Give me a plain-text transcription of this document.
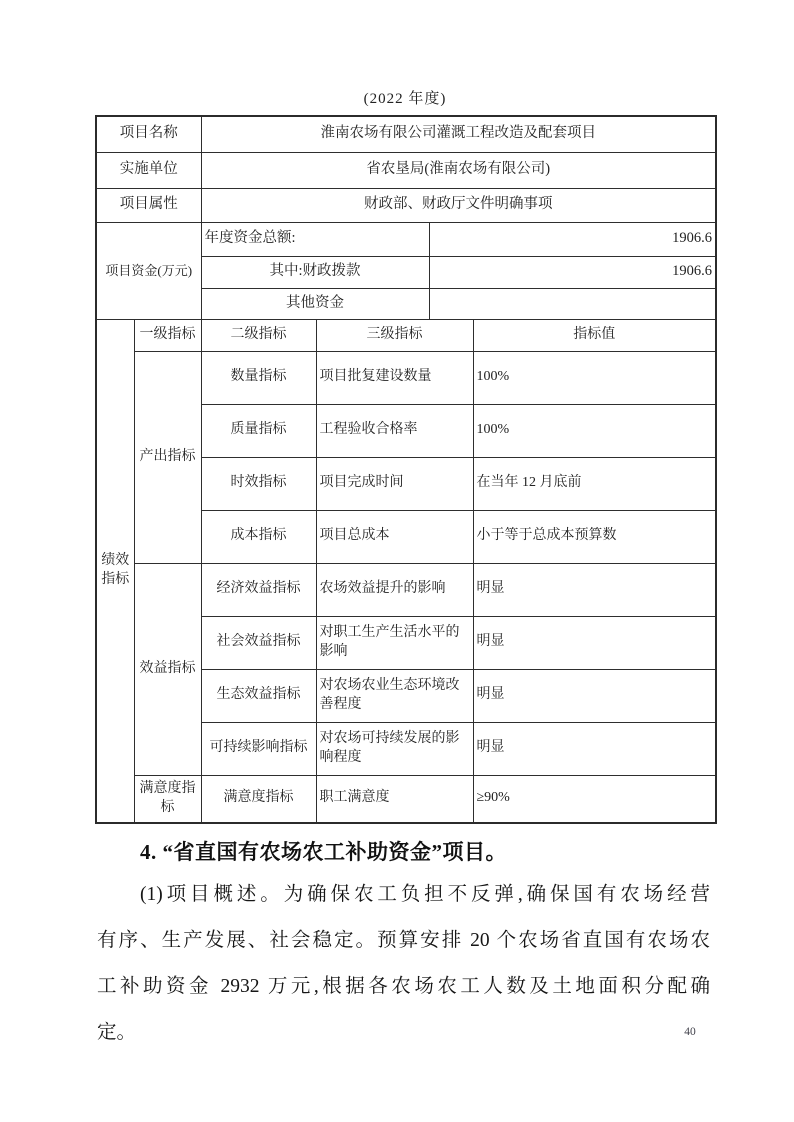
(2022 年度)
项目名称		淮南农场有限公司灌溉工程改造及配套项目			
实施单位		省农垦局(淮南农场有限公司)			
项目属性		财政部、财政厅文件明确事项			
项目资金(万元)		年度资金总额:		1906.6	
		其中:财政拨款		1906.6	
		其他资金			
绩效指标	一级指标	二级指标	三级指标		指标值
	产出指标	数量指标	项目批复建设数量		100%
		质量指标	工程验收合格率		100%
		时效指标	项目完成时间		在当年 12 月底前
		成本指标	项目总成本		小于等于总成本预算数
	效益指标	经济效益指标	农场效益提升的影响		明显
		社会效益指标	对职工生产生活水平的影响		明显
		生态效益指标	对农场农业生态环境改善程度		明显
		可持续影响指标	对农场可持续发展的影响程度		明显
	满意度指标	满意度指标	职工满意度		≥90%
4. “省直国有农场农工补助资金”项目。
(1)项目概述。为确保农工负担不反弹,确保国有农场经营
有序、生产发展、社会稳定。预算安排 20 个农场省直国有农场农
工补助资金 2932 万元,根据各农场农工人数及土地面积分配确
定。	40
